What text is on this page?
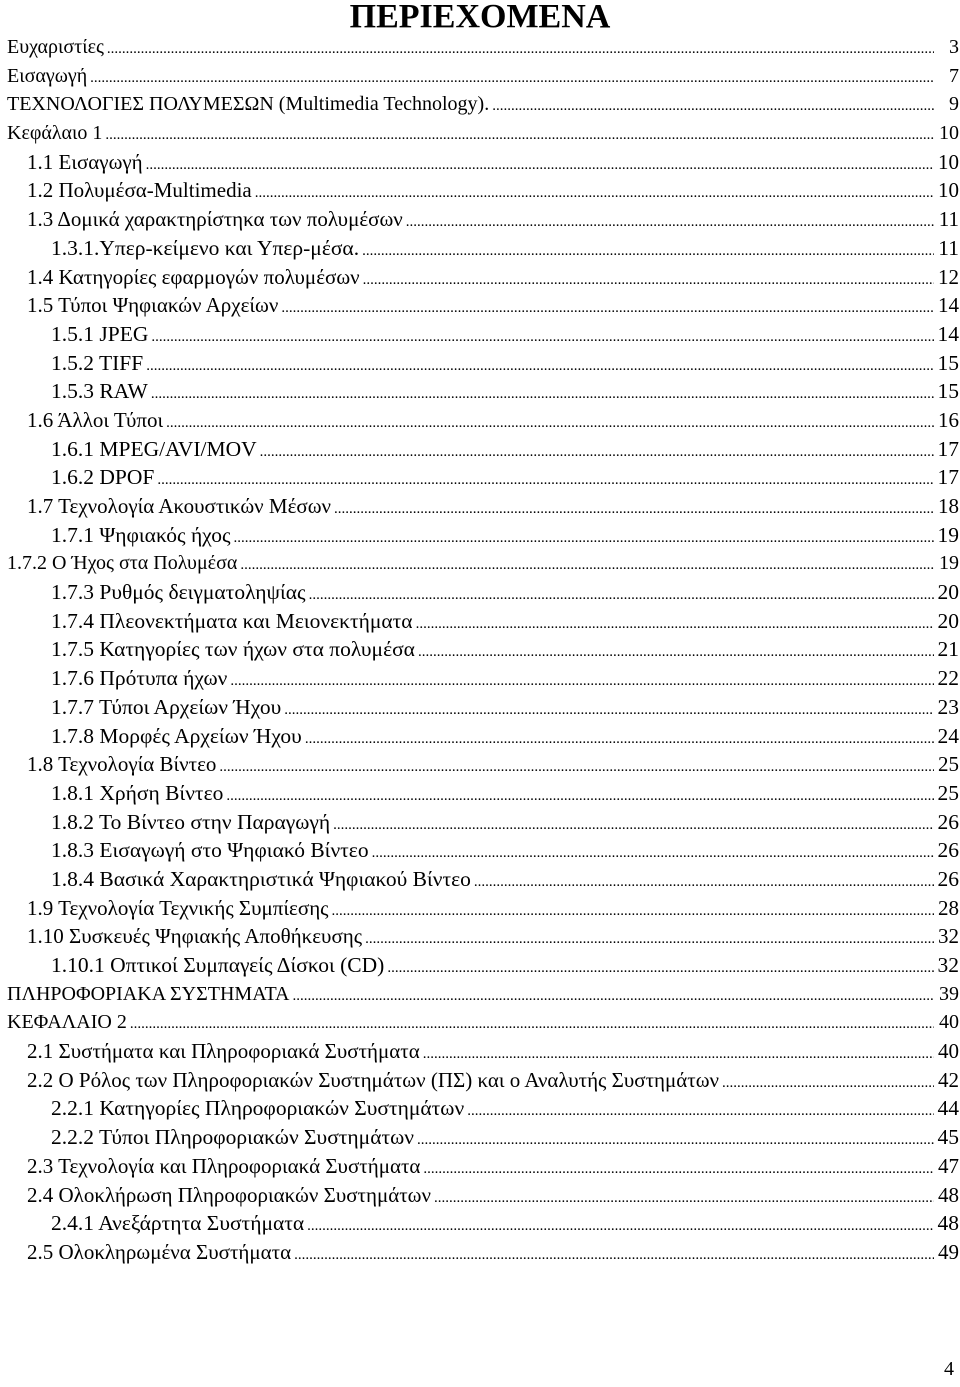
ΠΕΡΙΕΧΟΜΕΝΑ
Ευχαριστίες .....	3
Εισαγωγή .....	7
ΤΕΧΝΟΛΟΓΙΕΣ ΠΟΛΥΜΕΣΩΝ (Multimedia Technology). .....	9
Κεφάλαιο 1 .....	10
1.1 Εισαγωγή .....	10
1.2 Πολυμέσα-Multimedia .....	10
1.3 Δομικά χαρακτηρίστηκα των πολυμέσων .....	11
1.3.1.Υπερ-κείμενο και Υπερ-μέσα. .....	11
1.4 Κατηγορίες εφαρμογών πολυμέσων .....	12
1.5 Τύποι Ψηφιακών Αρχείων .....	14
1.5.1 JPEG .....	14
1.5.2 TIFF .....	15
1.5.3 RAW .....	15
1.6 Άλλοι Τύποι .....	16
1.6.1 MPEG/AVI/MOV .....	17
1.6.2 DPOF .....	17
1.7 Τεχνολογία Ακουστικών Μέσων .....	18
1.7.1 Ψηφιακός ήχος .....	19
1.7.2 Ο Ήχος στα Πολυμέσα .....	19
1.7.3 Ρυθμός δειγματοληψίας .....	20
1.7.4 Πλεονεκτήματα και Μειονεκτήματα .....	20
1.7.5 Κατηγορίες των ήχων στα πολυμέσα .....	21
1.7.6 Πρότυπα ήχων .....	22
1.7.7 Τύποι Αρχείων Ήχου .....	23
1.7.8 Μορφές Αρχείων Ήχου .....	24
1.8 Τεχνολογία Βίντεο .....	25
1.8.1 Χρήση Βίντεο .....	25
1.8.2 Το Βίντεο στην Παραγωγή .....	26
1.8.3 Εισαγωγή στο Ψηφιακό Βίντεο .....	26
1.8.4 Βασικά Χαρακτηριστικά Ψηφιακού Βίντεο .....	26
1.9 Τεχνολογία Τεχνικής Συμπίεσης .....	28
1.10 Συσκευές Ψηφιακής Αποθήκευσης .....	32
1.10.1 Οπτικοί Συμπαγείς Δίσκοι (CD) .....	32
ΠΛΗΡΟΦΟΡΙΑΚΑ ΣΥΣΤΗΜΑΤΑ .....	39
ΚΕΦΑΛΑΙΟ 2 .....	40
2.1 Συστήματα και Πληροφοριακά Συστήματα .....	40
2.2 Ο Ρόλος των Πληροφοριακών Συστημάτων (ΠΣ) και ο Αναλυτής Συστημάτων .....	42
2.2.1 Κατηγορίες Πληροφοριακών Συστημάτων .....	44
2.2.2 Τύποι Πληροφοριακών Συστημάτων .....	45
2.3 Τεχνολογία και Πληροφοριακά Συστήματα .....	47
2.4 Ολοκλήρωση Πληροφοριακών Συστημάτων .....	48
2.4.1 Ανεξάρτητα Συστήματα .....	48
2.5 Ολοκληρωμένα Συστήματα .....	49
4
